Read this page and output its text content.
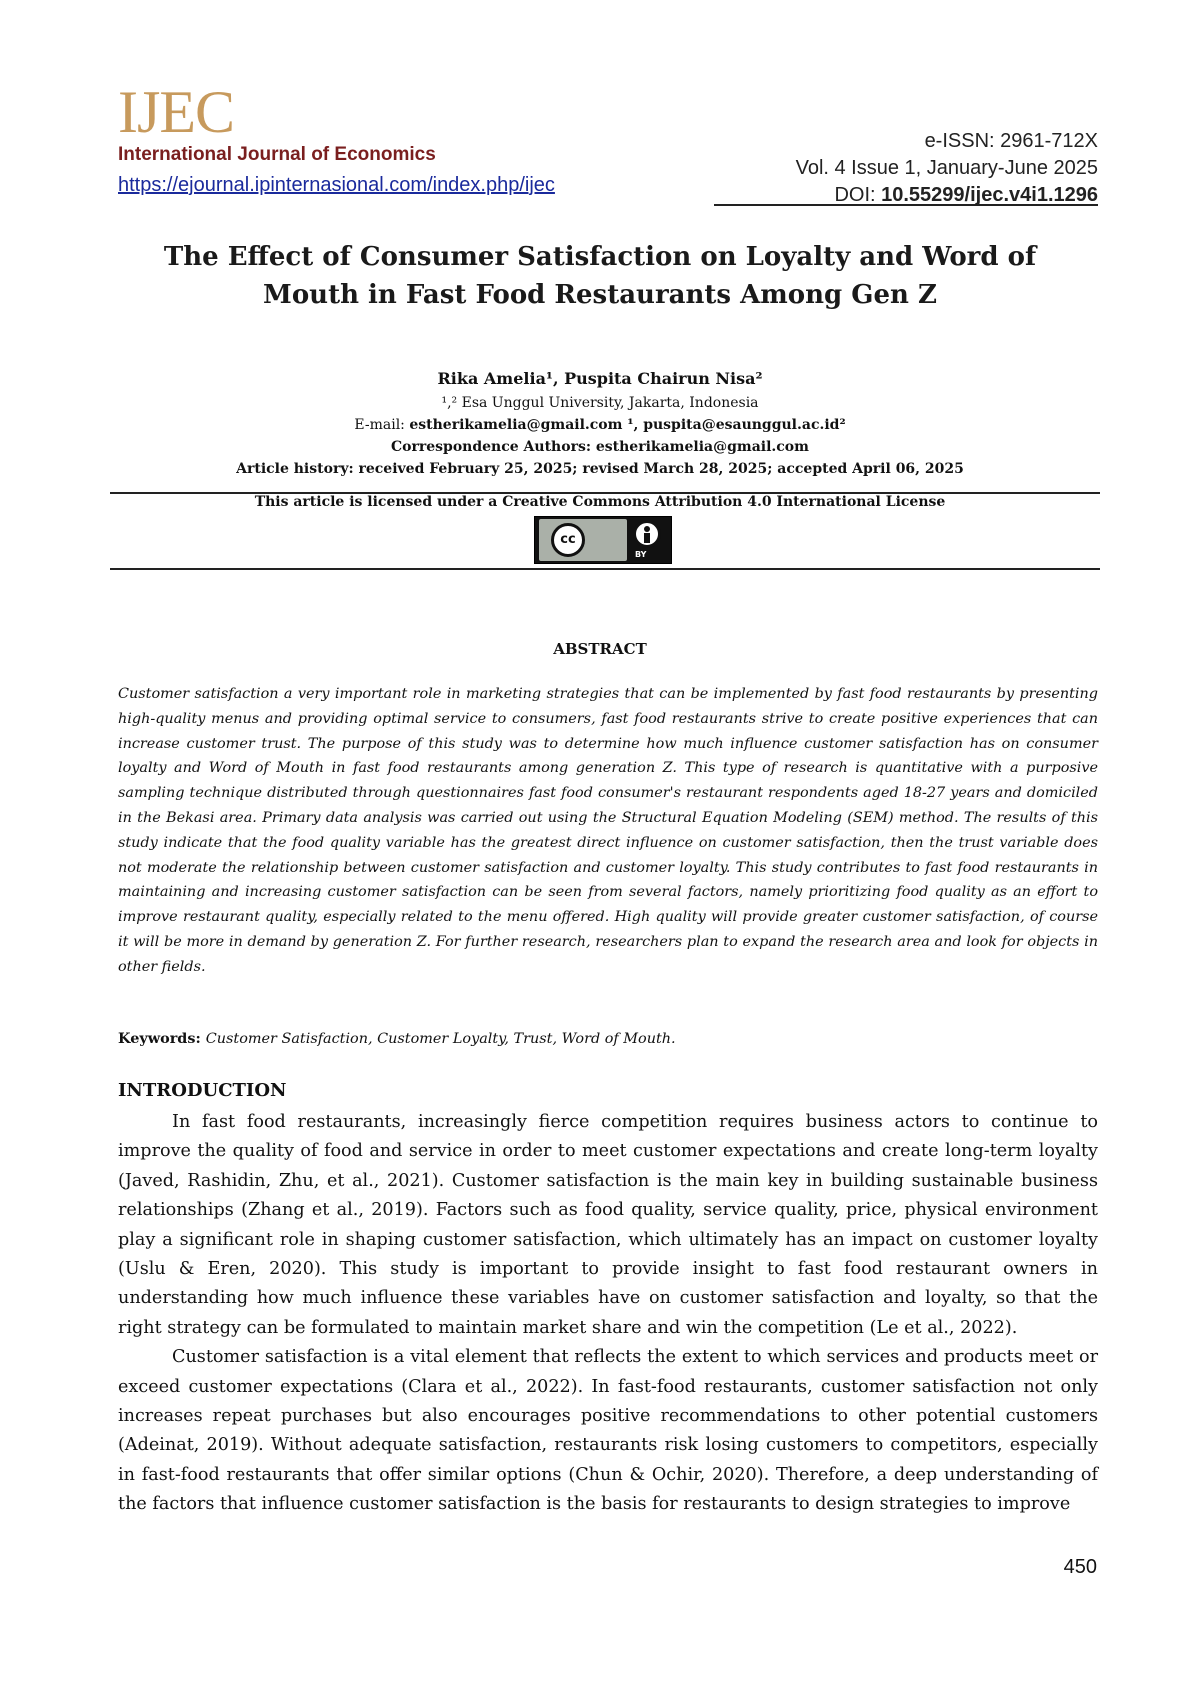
IJEC
International Journal of Economics
https://ejournal.ipinternasional.com/index.php/ijec
e-ISSN: 2961-712X
Vol. 4 Issue 1, January-June 2025
DOI: 10.55299/ijec.v4i1.1296
The Effect of Consumer Satisfaction on Loyalty and Word of Mouth in Fast Food Restaurants Among Gen Z
Rika Amelia¹, Puspita Chairun Nisa²
¹,² Esa Unggul University, Jakarta, Indonesia
E-mail: estherikamelia@gmail.com ¹, puspita@esaunggul.ac.id²
Correspondence Authors: estherikamelia@gmail.com
Article history: received February 25, 2025; revised March 28, 2025; accepted April 06, 2025
This article is licensed under a Creative Commons Attribution 4.0 International License
cc
BY
ABSTRACT
Customer satisfaction a very important role in marketing strategies that can be implemented by fast food restaurants by presenting high-quality menus and providing optimal service to consumers, fast food restaurants strive to create positive experiences that can increase customer trust. The purpose of this study was to determine how much influence customer satisfaction has on consumer loyalty and Word of Mouth in fast food restaurants among generation Z. This type of research is quantitative with a purposive sampling technique distributed through questionnaires fast food consumer's restaurant respondents aged 18-27 years and domiciled in the Bekasi area. Primary data analysis was carried out using the Structural Equation Modeling (SEM) method. The results of this study indicate that the food quality variable has the greatest direct influence on customer satisfaction, then the trust variable does not moderate the relationship between customer satisfaction and customer loyalty. This study contributes to fast food restaurants in maintaining and increasing customer satisfaction can be seen from several factors, namely prioritizing food quality as an effort to improve restaurant quality, especially related to the menu offered. High quality will provide greater customer satisfaction, of course it will be more in demand by generation Z. For further research, researchers plan to expand the research area and look for objects in other fields.
Keywords: Customer Satisfaction, Customer Loyalty, Trust, Word of Mouth.
INTRODUCTION

In fast food restaurants, increasingly fierce competition requires business actors to continue to improve the quality of food and service in order to meet customer expectations and create long-term loyalty (Javed, Rashidin, Zhu, et al., 2021). Customer satisfaction is the main key in building sustainable business relationships (Zhang et al., 2019). Factors such as food quality, service quality, price, physical environment play a significant role in shaping customer satisfaction, which ultimately has an impact on customer loyalty (Uslu & Eren, 2020). This study is important to provide insight to fast food restaurant owners in understanding how much influence these variables have on customer satisfaction and loyalty, so that the right strategy can be formulated to maintain market share and win the competition (Le et al., 2022).

Customer satisfaction is a vital element that reflects the extent to which services and products meet or exceed customer expectations (Clara et al., 2022). In fast-food restaurants, customer satisfaction not only increases repeat purchases but also encourages positive recommendations to other potential customers (Adeinat, 2019). Without adequate satisfaction, restaurants risk losing customers to competitors, especially in fast-food restaurants that offer similar options (Chun & Ochir, 2020). Therefore, a deep understanding of the factors that influence customer satisfaction is the basis for restaurants to design strategies to improve

450
